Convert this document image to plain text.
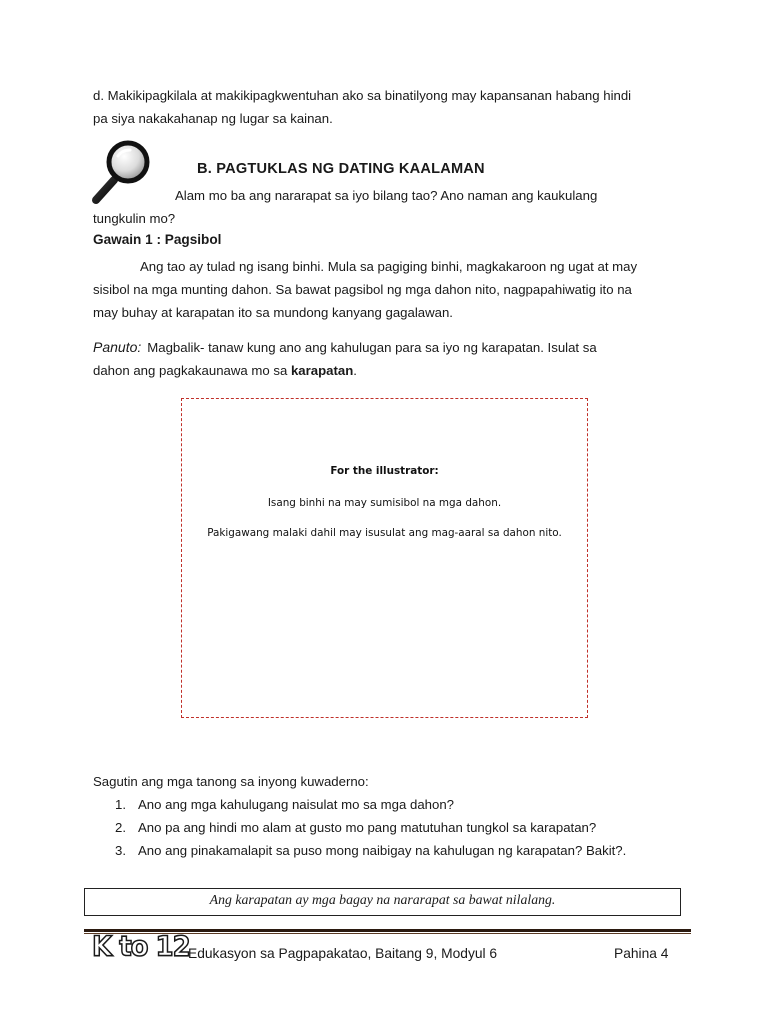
d. Makikipagkilala at makikipagkwentuhan ako sa binatilyong may kapansanan habang hindi
pa siya nakakahanap ng lugar sa kainan.
B. PAGTUKLAS NG DATING KAALAMAN
Alam mo ba ang nararapat sa iyo bilang tao? Ano naman ang kaukulang
tungkulin mo?
Gawain 1 : Pagsibol
Ang tao ay tulad ng isang binhi. Mula sa pagiging binhi, magkakaroon ng ugat at may
sisibol na mga munting dahon. Sa bawat pagsibol ng mga dahon nito, nagpapahiwatig ito na
may buhay at karapatan ito sa mundong kanyang gagalawan.
Panuto: Magbalik- tanaw kung ano ang kahulugan para sa iyo ng karapatan. Isulat sa
dahon ang pagkakaunawa mo sa karapatan.
For the illustrator:
Isang binhi na may sumisibol na mga dahon.
Pakigawang malaki dahil may isusulat ang mag-aaral sa dahon nito.
Sagutin ang mga tanong sa inyong kuwaderno:
1. Ano ang mga kahulugang naisulat mo sa mga dahon?
2. Ano pa ang hindi mo alam at gusto mo pang matutuhan tungkol sa karapatan?
3. Ano ang pinakamalapit sa puso mong naibigay na kahulugan ng karapatan? Bakit?.
Ang karapatan ay mga bagay na nararapat sa bawat nilalang.
K to 12
Edukasyon sa Pagpapakatao, Baitang 9, Modyul 6	Pahina 4
